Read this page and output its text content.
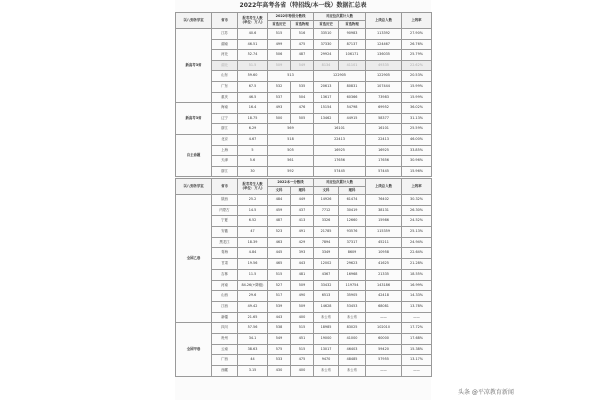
2022年高考各省（特招线/本一线）数据汇总表
以八到各学室	省市	报考考生人数
(单位：万人)	2022年特招分数线		对应位次累计人数		上线总人数	上线率
			首选历史	首选物理	首选历史	首选物理		
新高考3省	江苏	40.6	515	516	33510	90983	113392	27.90%
	湖南	46.51	499	475	37330	87137	124467	26.76%
	河北	52.74	506	487	29924	106171	136035	25.79%
	湖北	51.5	509	549	8134	41101	49335	22.62%
	山东	59.60	513		122905		122905	20.53%
	广东	67.5	532	535	20613	80831	107444	15.99%
	重庆	46.5	537	504	13617	60366	73983	15.99%
新高考3省	海南	16.4	493	476	15154	54798	69952	36.02%
	辽宁	18.75	500	505	13462	44915	58377	31.13%
	浙江	6.29	569		16101		16101	25.59%
自主命题	北京	4.67	518		22413		22413	46.00%
	上海	5	505		16925		16925	33.85%
	天津	5.6	561		17656		17656	30.96%
	浙江	30	592		57445		57445	15.96%
以八到各学室	省市	报考考生人数
(单位：万人)	2022本一分数线		对应位次累计人数		上线总人数	上线率
			文科	理科	文科	理科		
全国乙卷	陕西	25.2	484	449	14926	61474	76402	30.32%
	内蒙古	14.5	459	437	7712	30419	38131	26.30%
	宁夏	6.52	487	413	3326	12660	15986	24.52%
	安徽	47	523	491	21785	93576	115359	25.13%
	黑龙江	18.39	463	429	7894	37317	45211	24.94%
	青海	4.84	445	393	3349	8609	10958	22.64%
	甘肃	19.56	465	443	12002	29623	41625	21.28%
	吉林	11.5	515	481	4367	16968	21335	18.55%
	河南	84.26(+降级)	527	509	33432	119754	143186	16.99%
	山西	29.6	517	490	6513	35905	42418	14.33%
	江西	49.42	539	509	14628	53453	68081	13.78%
	新疆	21.65	443	400	未公布	未公布	——	——
全国甲卷	四川	57.56	538	515	18985	83025	102010	17.72%
	贵州	34.1	549	451	19000	41000	60000	17.68%
	云南	38.63	575	515	13017	46403	59420	15.38%
	广西	44	533	475	9470	48485	57955	13.17%
	西藏	3.15	430	400	未公布	未公布	——	——
头条 @平凉教育新闻
